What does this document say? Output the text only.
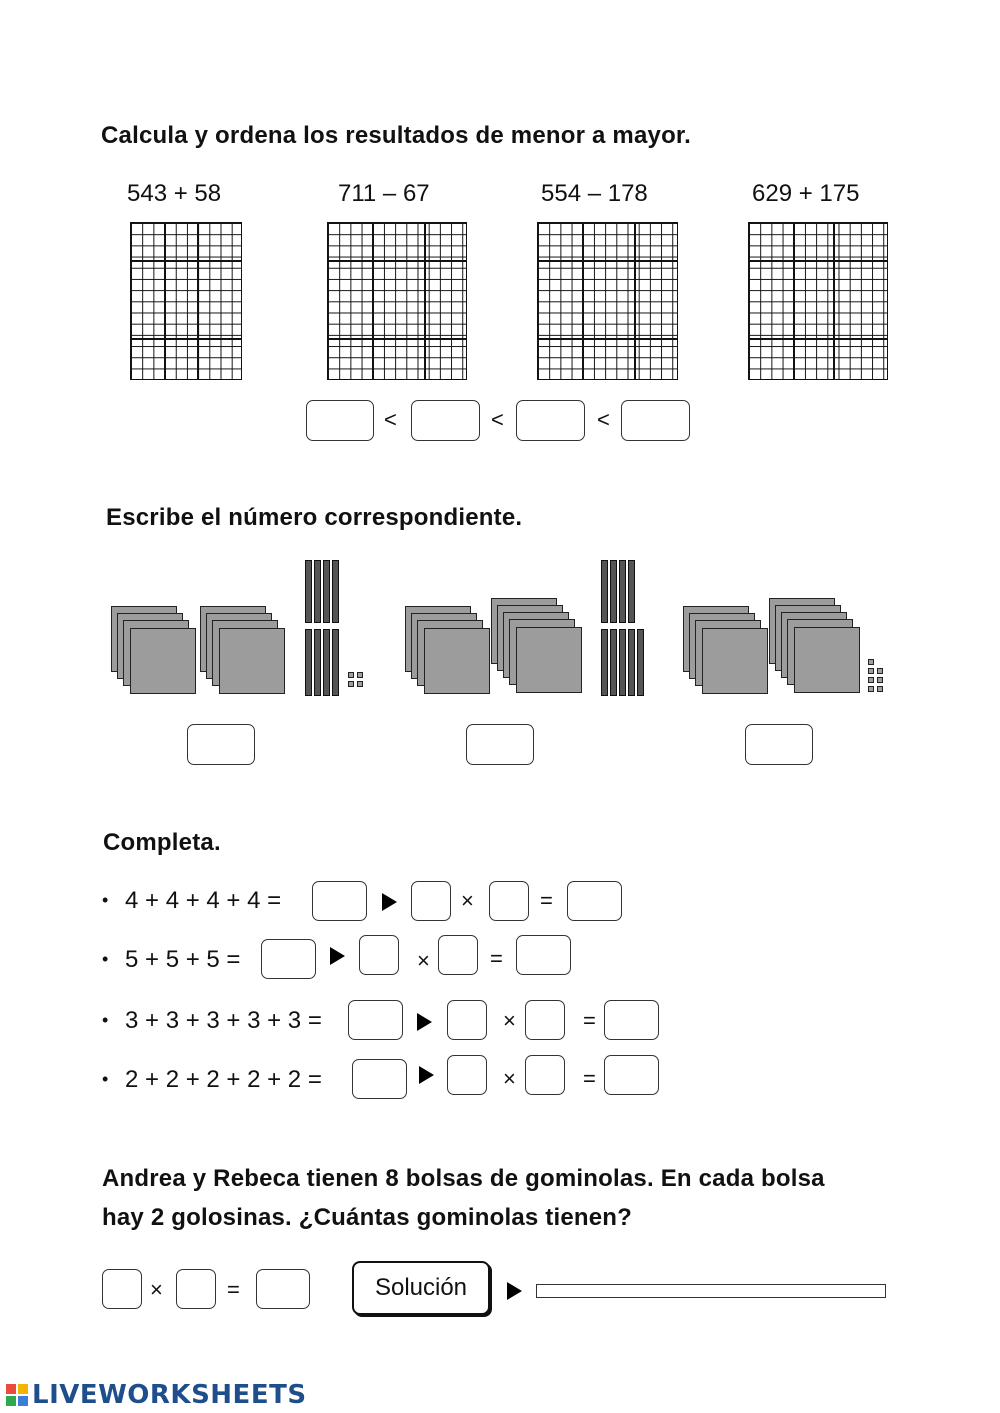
Calcula y ordena los resultados de menor a mayor.
543 + 58	711 – 67	554 – 178	629 + 175
<	<	<
Escribe el número correspondiente.
Completa.
• 4 + 4 + 4 + 4 =	×	=
• 5 + 5 + 5 =	×	=
• 3 + 3 + 3 + 3 + 3 =	×	=
• 2 + 2 + 2 + 2 + 2 =	×	=
Andrea y Rebeca tienen 8 bolsas de gominolas. En cada bolsa
hay 2 golosinas. ¿Cuántas gominolas tienen?
×	=	Solución
LIVEWORKSHEETS
